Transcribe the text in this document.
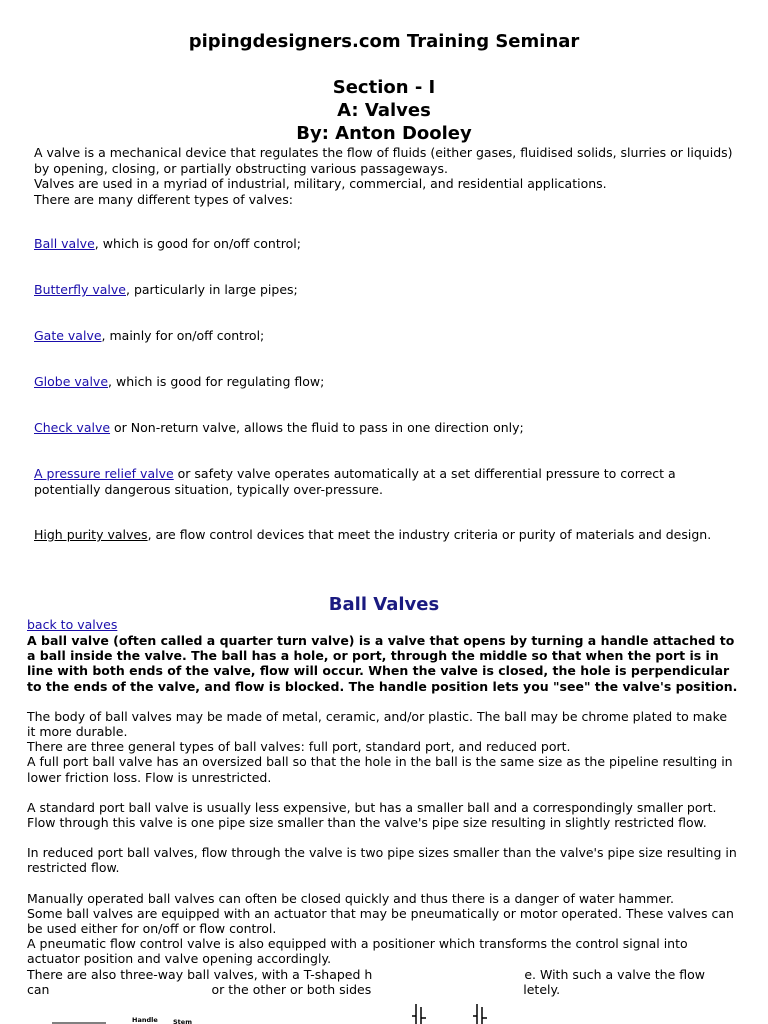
pipingdesigners.com Training Seminar
Section - I
A: Valves
By: Anton Dooley

A valve is a mechanical device that regulates the flow of fluids (either gases, fluidised solids, slurries or liquids) by opening, closing, or partially obstructing various passageways.

Valves are used in a myriad of industrial, military, commercial, and residential applications.

There are many different types of valves:

Ball valve, which is good for on/off control;

Butterfly valve, particularly in large pipes;

Gate valve, mainly for on/off control;

Globe valve, which is good for regulating flow;

Check valve or Non-return valve, allows the fluid to pass in one direction only;

A pressure relief valve or safety valve operates automatically at a set differential pressure to correct a potentially dangerous situation, typically over-pressure.

High purity valves, are flow control devices that meet the industry criteria or purity of materials and design.

Ball Valves
back to valves

A ball valve (often called a quarter turn valve) is a valve that opens by turning a handle attached to a ball inside the valve. The ball has a hole, or port, through the middle so that when the port is in line with both ends of the valve, flow will occur. When the valve is closed, the hole is perpendicular to the ends of the valve, and flow is blocked. The handle position lets you "see" the valve's position.

The body of ball valves may be made of metal, ceramic, and/or plastic. The ball may be chrome plated to make it more durable.

There are three general types of ball valves: full port, standard port, and reduced port.

A full port ball valve has an oversized ball so that the hole in the ball is the same size as the pipeline resulting in lower friction loss. Flow is unrestricted.

A standard port ball valve is usually less expensive, but has a smaller ball and a correspondingly smaller port. Flow through this valve is one pipe size smaller than the valve's pipe size resulting in slightly restricted flow.

In reduced port ball valves, flow through the valve is two pipe sizes smaller than the valve's pipe size resulting in restricted flow.

Manually operated ball valves can often be closed quickly and thus there is a danger of water hammer.

Some ball valves are equipped with an actuator that may be pneumatically or motor operated. These valves can be used either for on/off or flow control.

A pneumatic flow control valve is also equipped with a positioner which transforms the control signal into actuator position and valve opening accordingly.

There are also three-way ball valves, with a T-shaped h	e. With such a valve the flow

can	or the other or both sides	letely.

Handle Stem
